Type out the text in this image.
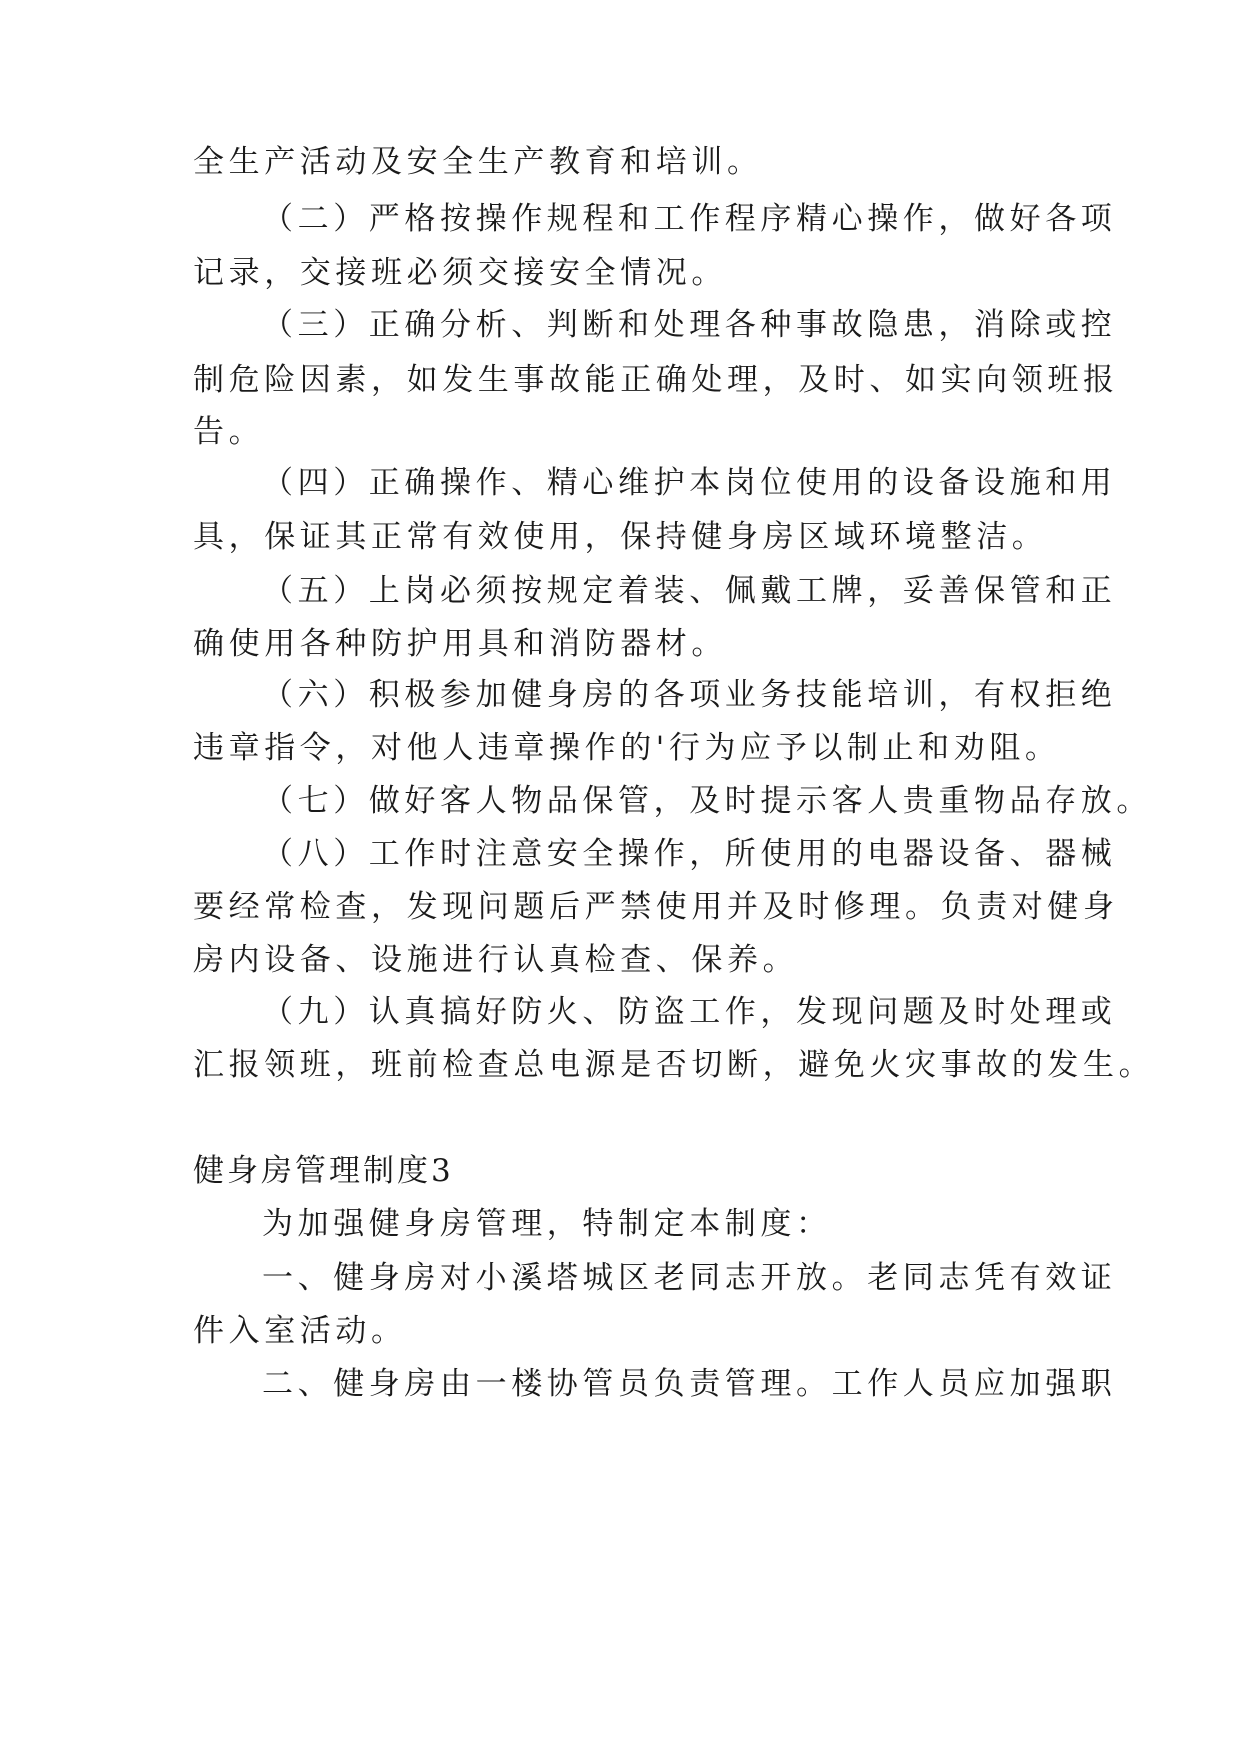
全生产活动及安全生产教育和培训。
（二）严格按操作规程和工作程序精心操作，做好各项
记录，交接班必须交接安全情况。
（三）正确分析、判断和处理各种事故隐患，消除或控
制危险因素，如发生事故能正确处理，及时、如实向领班报
告。
（四）正确操作、精心维护本岗位使用的设备设施和用
具，保证其正常有效使用，保持健身房区域环境整洁。
（五）上岗必须按规定着装、佩戴工牌，妥善保管和正
确使用各种防护用具和消防器材。
（六）积极参加健身房的各项业务技能培训，有权拒绝
违章指令，对他人违章操作的'行为应予以制止和劝阻。
（七）做好客人物品保管，及时提示客人贵重物品存放。
（八）工作时注意安全操作，所使用的电器设备、器械
要经常检查，发现问题后严禁使用并及时修理。负责对健身
房内设备、设施进行认真检查、保养。
（九）认真搞好防火、防盗工作，发现问题及时处理或
汇报领班，班前检查总电源是否切断，避免火灾事故的发生。
健身房管理制度3
为加强健身房管理，特制定本制度：
一、健身房对小溪塔城区老同志开放。老同志凭有效证
件入室活动。
二、健身房由一楼协管员负责管理。工作人员应加强职
